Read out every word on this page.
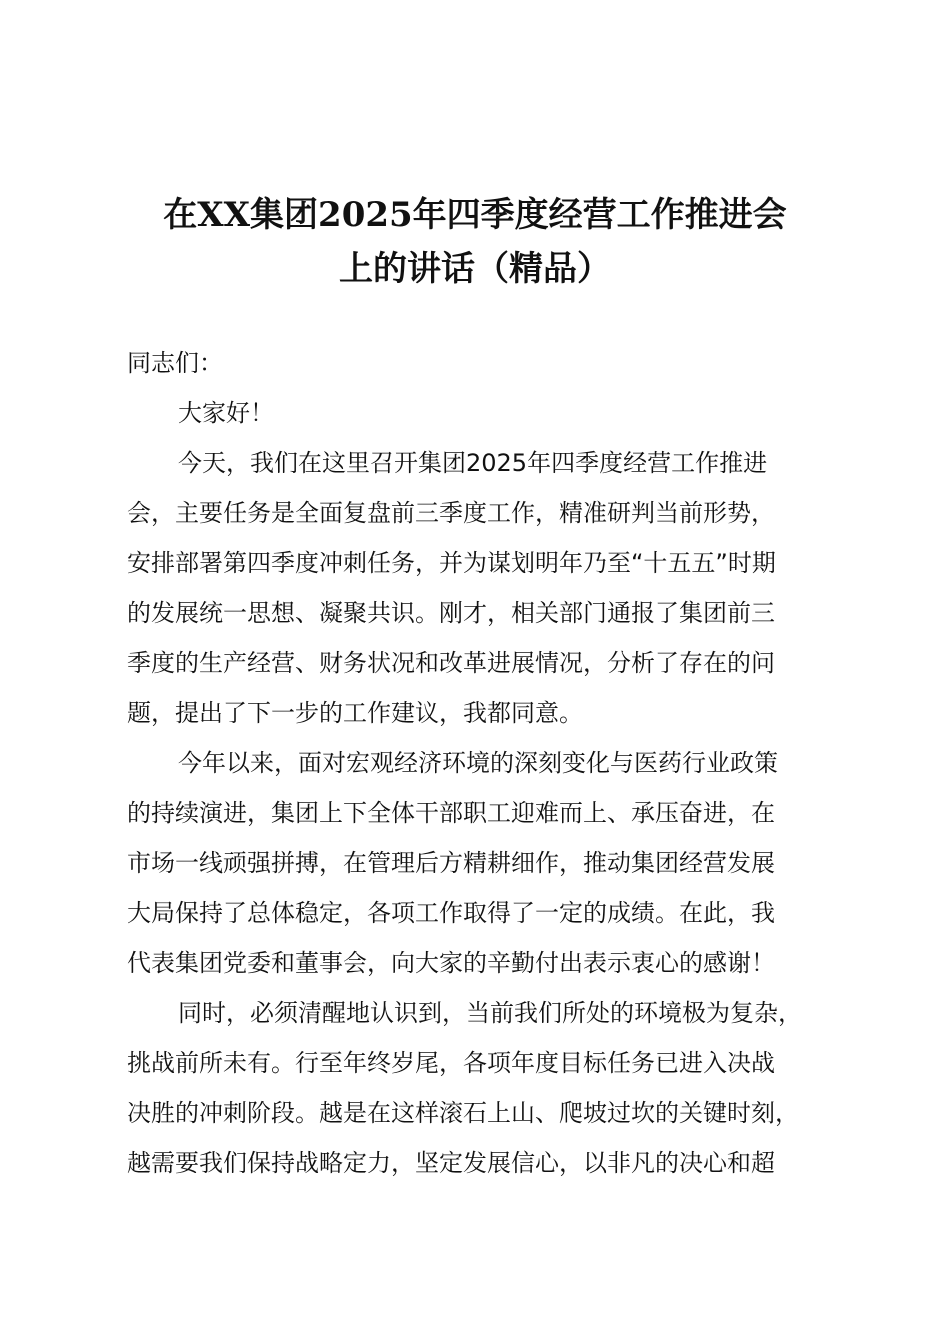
在XX集团2025年四季度经营工作推进会
上的讲话（精品）

同志们：

大家好！

今天，我们在这里召开集团2025年四季度经营工作推进
会，主要任务是全面复盘前三季度工作，精准研判当前形势，
安排部署第四季度冲刺任务，并为谋划明年乃至“十五五”时期
的发展统一思想、凝聚共识。刚才，相关部门通报了集团前三
季度的生产经营、财务状况和改革进展情况，分析了存在的问
题，提出了下一步的工作建议，我都同意。

今年以来，面对宏观经济环境的深刻变化与医药行业政策
的持续演进，集团上下全体干部职工迎难而上、承压奋进，在
市场一线顽强拼搏，在管理后方精耕细作，推动集团经营发展
大局保持了总体稳定，各项工作取得了一定的成绩。在此，我
代表集团党委和董事会，向大家的辛勤付出表示衷心的感谢！

同时，必须清醒地认识到，当前我们所处的环境极为复杂，
挑战前所未有。行至年终岁尾，各项年度目标任务已进入决战
决胜的冲刺阶段。越是在这样滚石上山、爬坡过坎的关键时刻，
越需要我们保持战略定力，坚定发展信心，以非凡的决心和超
